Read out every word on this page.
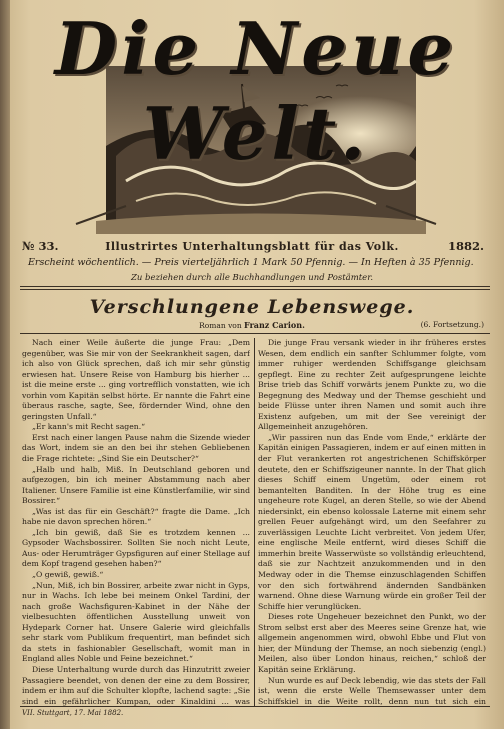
Die Neue Welt.
№ 33.	Illustrirtes Unterhaltungsblatt für das Volk.	1882.
Erscheint wöchentlich. — Preis vierteljährlich 1 Mark 50 Pfennig. — In Heften à 35 Pfennig.
Zu beziehen durch alle Buchhandlungen und Postämter.
Verschlungene Lebenswege.
Roman von Franz Carion.	(6. Fortsetzung.)

Nach einer Weile äußerte die junge Frau: „Dem gegenüber, was Sie mir von der Seekrankheit sagen, darf ich also von Glück sprechen, daß ich mir sehr günstig erwiesen hat. Unsere Reise von Hamburg bis hierher ... ist die meine erste ... ging vortrefflich vonstatten, wie ich vorhin vom Kapitän selbst hörte. Er nannte die Fahrt eine überaus rasche, sagte, See, fördernder Wind, ohne den geringsten Unfall.“

„Er kann's mit Recht sagen.“

Erst nach einer langen Pause nahm die Sizende wieder das Wort, indem sie an den bei ihr stehen Gebliebenen die Frage richtete: „Sind Sie ein Deutscher?“

„Halb und halb, Miß. In Deutschland geboren und aufgezogen, bin ich meiner Abstammung nach aber Italiener. Unsere Familie ist eine Künstlerfamilie, wir sind Bossirer.“

„Was ist das für ein Geschäft?“ fragte die Dame. „Ich habe nie davon sprechen hören.“

„Ich bin gewiß, daß Sie es trotzdem kennen ... Gypsoder Wachsbossirer. Sollten Sie noch nicht Leute, Aus- oder Herumträger Gypsfiguren auf einer Stellage auf dem Kopf tragend gesehen haben?“

„O gewiß, gewiß.“

„Nun, Miß, ich bin Bossirer, arbeite zwar nicht in Gyps, nur in Wachs. Ich lebe bei meinem Onkel Tardini, der nach große Wachsfiguren-Kabinet in der Nähe der vielbesuchten öffentlichen Ausstellung unweit von Hydepark Corner hat. Unsere Galerie wird gleichfalls sehr stark vom Publikum frequentirt, man befindet sich da stets in fashionabler Gesellschaft, womit man in England alles Noble und Feine bezeichnet.“

Diese Unterhaltung wurde durch das Hinzutritt zweier Passagiere beendet, von denen der eine zu dem Bossirer, indem er ihm auf die Schulter klopfte, lachend sagte: „Sie sind ein gefährlicher Kumpan, oder Kinaldini ... was

Die junge Frau versank wieder in ihr früheres erstes Wesen, dem endlich ein sanfter Schlummer folgte, vom immer ruhiger werdenden Schiffsgange gleichsam gepflegt. Eine zu rechter Zeit aufgesprungene leichte Brise trieb das Schiff vorwärts jenem Punkte zu, wo die Begegnung des Medway und der Themse geschieht und beide Flüsse unter ihren Namen und somit auch ihre Existenz aufgeben, um mit der See vereinigt der Allgemeinheit anzugehören.

„Wir passiren nun das Ende vom Ende,“ erklärte der Kapitän einigen Passagieren, indem er auf einen mitten in der Flut verankerten rot angestrichenen Schiffskörper deutete, den er Schiffszigeuner nannte. In der That glich dieses Schiff einem Ungetüm, oder einem rot bemantelten Banditen. In der Höhe trug es eine ungeheure rote Kugel, an deren Stelle, so wie der Abend niedersinkt, ein ebenso kolossale Laterne mit einem sehr grellen Feuer aufgehängt wird, um den Seefahrer zu zuverlässigen Leuchte Licht verbreitet. Von jedem Ufer, eine englische Meile entfernt, wird dieses Schiff die immerhin breite Wasserwüste so vollständig erleuchtend, daß sie zur Nachtzeit anzukommenden und in den Medway oder in die Themse einzuschlagenden Schiffen vor den sich fortwährend ändernden Sandbänken warnend. Ohne diese Warnung würde ein großer Teil der Schiffe hier verunglücken.

Dieses rote Ungeheuer bezeichnet den Punkt, wo der Strom selbst erst aber des Meeres seine Grenze hat, wie allgemein angenommen wird, obwohl Ebbe und Flut von hier, der Mündung der Themse, an noch siebenzig (engl.) Meilen, also über London hinaus, reichen,“ schloß der Kapitän seine Erklärung.

Nun wurde es auf Deck lebendig, wie das stets der Fall ist, wenn die erste Welle Themsewasser unter dem Schiffskiel in die Weite rollt, denn nun tut sich ein

VII. Stuttgart, 17. Mai 1882.
